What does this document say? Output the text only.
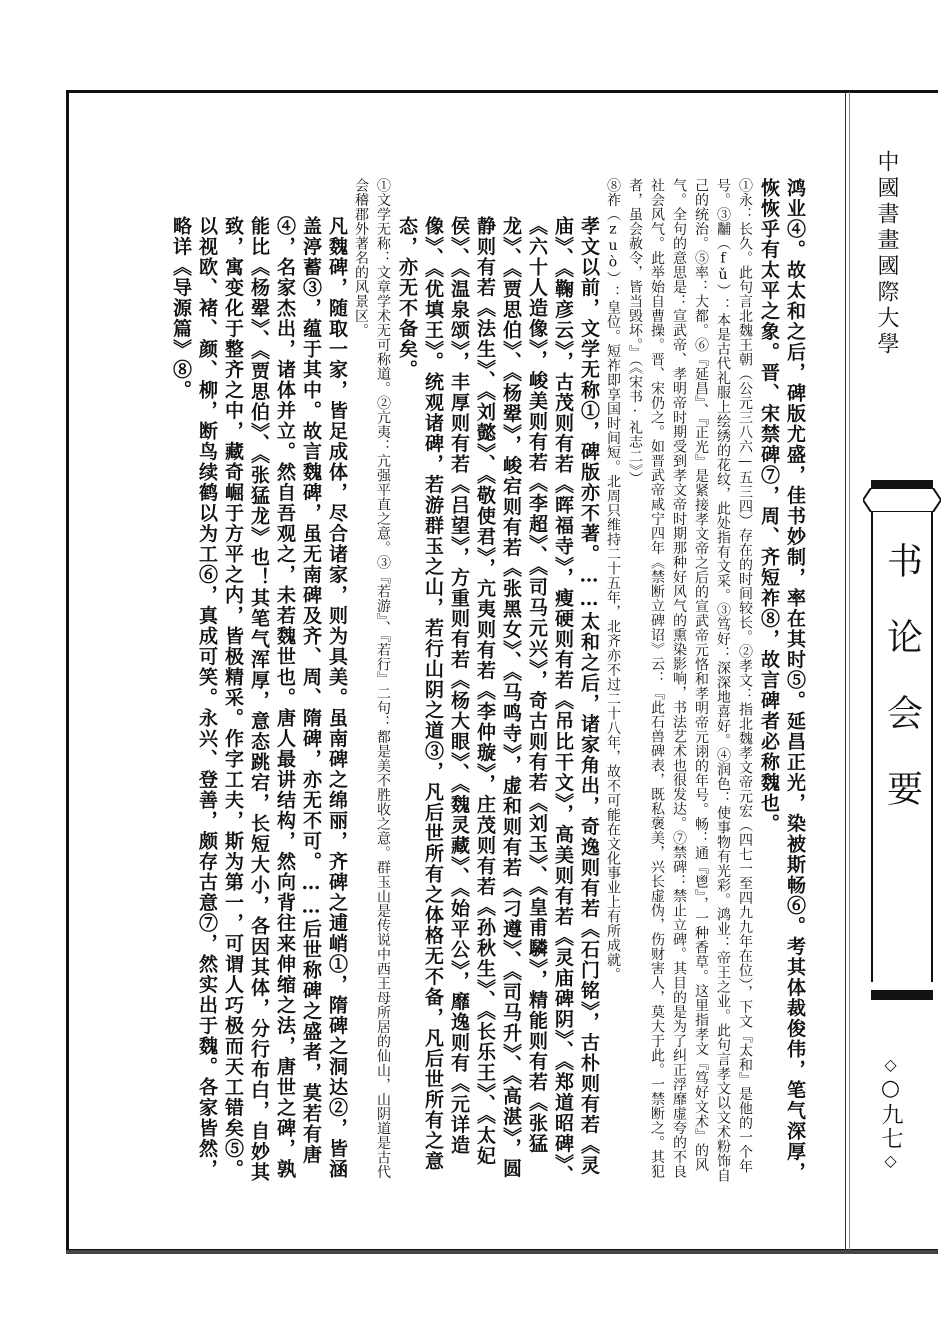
鸿业④。故太和之后，碑版尤盛，佳书妙制，率在其时⑤。延昌正光，染被斯畅⑥。考其体裁俊伟，笔气深厚，恢恢乎有太平之象。晋、宋禁碑⑦，周、齐短祚⑧，故言碑者必称魏也。

①永：长久。此句言北魏王朝（公元三八六—五三四）存在的时间较长。②孝文：指北魏孝文帝元宏（四七一至四九九年在位），下文『太和』是他的一个年号。③黼（fǔ）：本是古代礼服上绘绣的花纹，此处指有文采。③笃好：深深地喜好。④润色：使事物有光彩。鸿业：帝王之业。此句言孝文以文术粉饰自己的统治。⑤率：大都。⑥『延昌』、『正光』是紧接孝文帝之后的宣武帝元恪和孝明帝元诩的年号。畅：通『鬯』，一种香草。这里指孝文『笃好文术』的风气。全句的意思是：宣武帝、孝明帝时期受到孝文帝时期那种好风气的熏染影响，书法艺术也很发达。⑦禁碑：禁止立碑。其目的是为了纠正浮靡虚夸的不良社会风气。此举始自曹操。晋、宋仍之。如晋武帝咸宁四年《禁断立碑诏》云：『此石兽碑表，既私褒美，兴长虚伪，伤财害人，莫大于此。一禁断之。其犯者，虽会赦令，皆当毁坏。』（《宋书·礼志二》）

⑧祚（zuò）：皇位。短祚即享国时间短。北周只维持二十五年，北齐亦不过二十八年，故不可能在文化事业上有所成就。

孝文以前，文学无称①，碑版亦不著。……太和之后，诸家角出，奇逸则有若《石门铭》，古朴则有若《灵庙》、《鞠彦云》，古茂则有若《晖福寺》，瘦硬则有若《吊比干文》，高美则有若《灵庙碑阴》、《郑道昭碑》、《六十人造像》，峻美则有若《李超》、《司马元兴》，奇古则有若《刘玉》、《皇甫驎》，精能则有若《张猛龙》、《贾思伯》、《杨翚》，峻宕则有若《张黑女》、《马鸣寺》，虚和则有若《刁遵》、《司马升》、《高湛》，圆静则有若《法生》、《刘懿》、《敬使君》，亢夷则有若《李仲璇》，庄茂则有若《孙秋生》、《长乐王》、《太妃侯》、《温泉颂》，丰厚则有若《吕望》，方重则有若《杨大眼》、《魏灵藏》、《始平公》，靡逸则有《元详造像》、《优填王》。统观诸碑，若游群玉之山，若行山阴之道③，凡后世所有之体格无不备，凡后世所有之意态，亦无不备矣。

①文学无称：文章学术无可称道。②亢夷：亢强平直之意。③『若游』、『若行』二句：都是美不胜收之意。群玉山是传说中西王母所居的仙山，山阴道是古代会稽郡外著名的风景区。

凡魏碑，随取一家，皆足成体，尽合诸家，则为具美。虽南碑之绵丽，齐碑之逋峭①，隋碑之洞达②，皆涵盖渟蓄③，蕴于其中。故言魏碑，虽无南碑及齐、周、隋碑，亦无不可。……后世称碑之盛者，莫若有唐④，名家杰出，诸体并立。然自吾观之，未若魏世也。唐人最讲结构，然向背往来伸缩之法，唐世之碑，孰能比《杨翚》、《贾思伯》、《张猛龙》也！其笔气浑厚，意态跳宕，长短大小，各因其体，分行布白，自妙其致，寓变化于整齐之中，藏奇崛于方平之内，皆极精采。作字工夫，斯为第一，可谓人巧极而天工错矣⑤。以视欧、褚、颜、柳，断鸟续鹤以为工⑥，真成可笑。永兴、登善，颇存古意⑦，然实出于魏。各家皆然，略详《导源篇》⑧。	中國書畫國際大學
书论会要
◇○九七◇
